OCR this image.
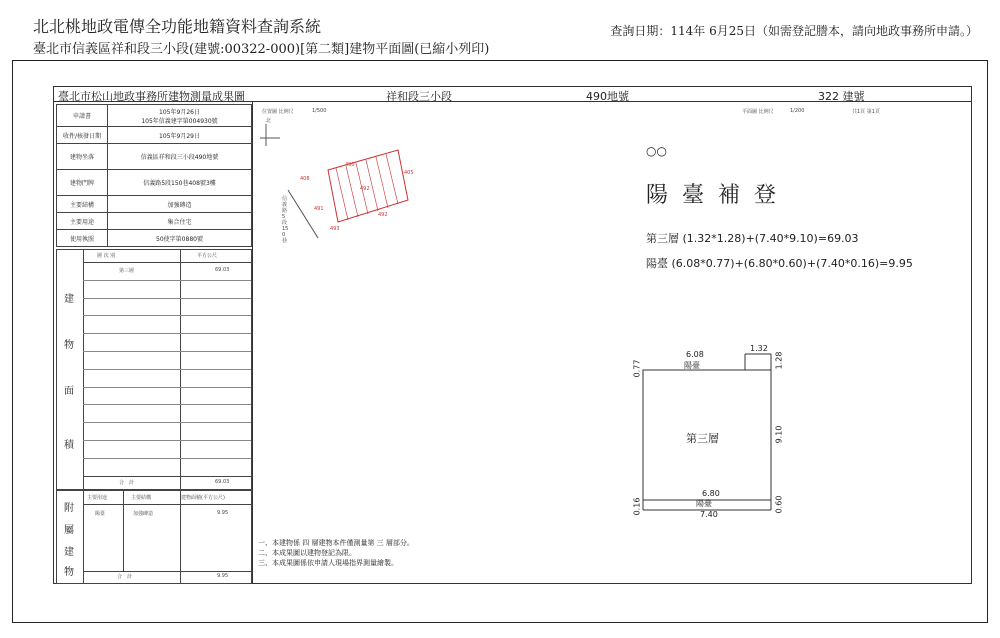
北北桃地政電傳全功能地籍資料查詢系統
臺北市信義區祥和段三小段(建號:00322-000)[第二類]建物平面圖(已縮小列印)
查詢日期：114年 6月25日（如需登記謄本，請向地政事務所申請。）
臺北市松山地政事務所建物測量成果圖	祥和段三小段	490地號	322 建號
申請書	105年9月26日
105年信義建字第004930號
收件/核發日期	105年9月29日
建物坐落	信義區祥和段三小段490地號
建物門牌	信義路5段150巷408號3樓
主要結構	加強磚造
主要用途	集合住宅
使用執照	50使字第0880號
層 次 別	平方公尺
第三層	69.03
合　計	69.03
建
物
面
積
主要用途	主要結構	建物面積(平方公尺)
陽臺	加強磚造	9.95
合　計	9.95
附
屬
建
物
位置圖 比例尺	1/500
北
490
492
405
408
491
493
492
信義路5段150巷
一、本建物係 四 層建物本件僅測量第 三 層部分。
二、本成果圖以建物登記為限。
三、本成果圖係依申請人現場指界測量繪製。
平面圖 比例尺	1/200	共1頁 第1頁
○○
陽臺補登
第三層 (1.32*1.28)+(7.40*9.10)=69.03
陽臺 (6.08*0.77)+(6.80*0.60)+(7.40*0.16)=9.95
6.08
陽臺
1.32
0.77	1.28
第三層	9.10
6.80
陽臺
7.40
0.16	0.60
